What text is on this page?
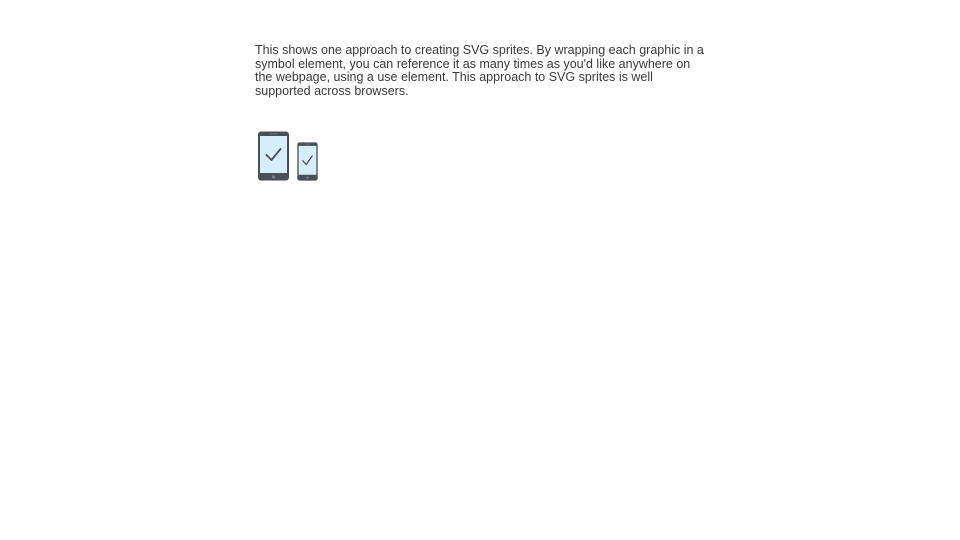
This shows one approach to creating SVG sprites. By wrapping each graphic in a symbol element, you can reference it as many times as you'd like anywhere on the webpage, using a use element. This approach to SVG sprites is well supported across browsers.
